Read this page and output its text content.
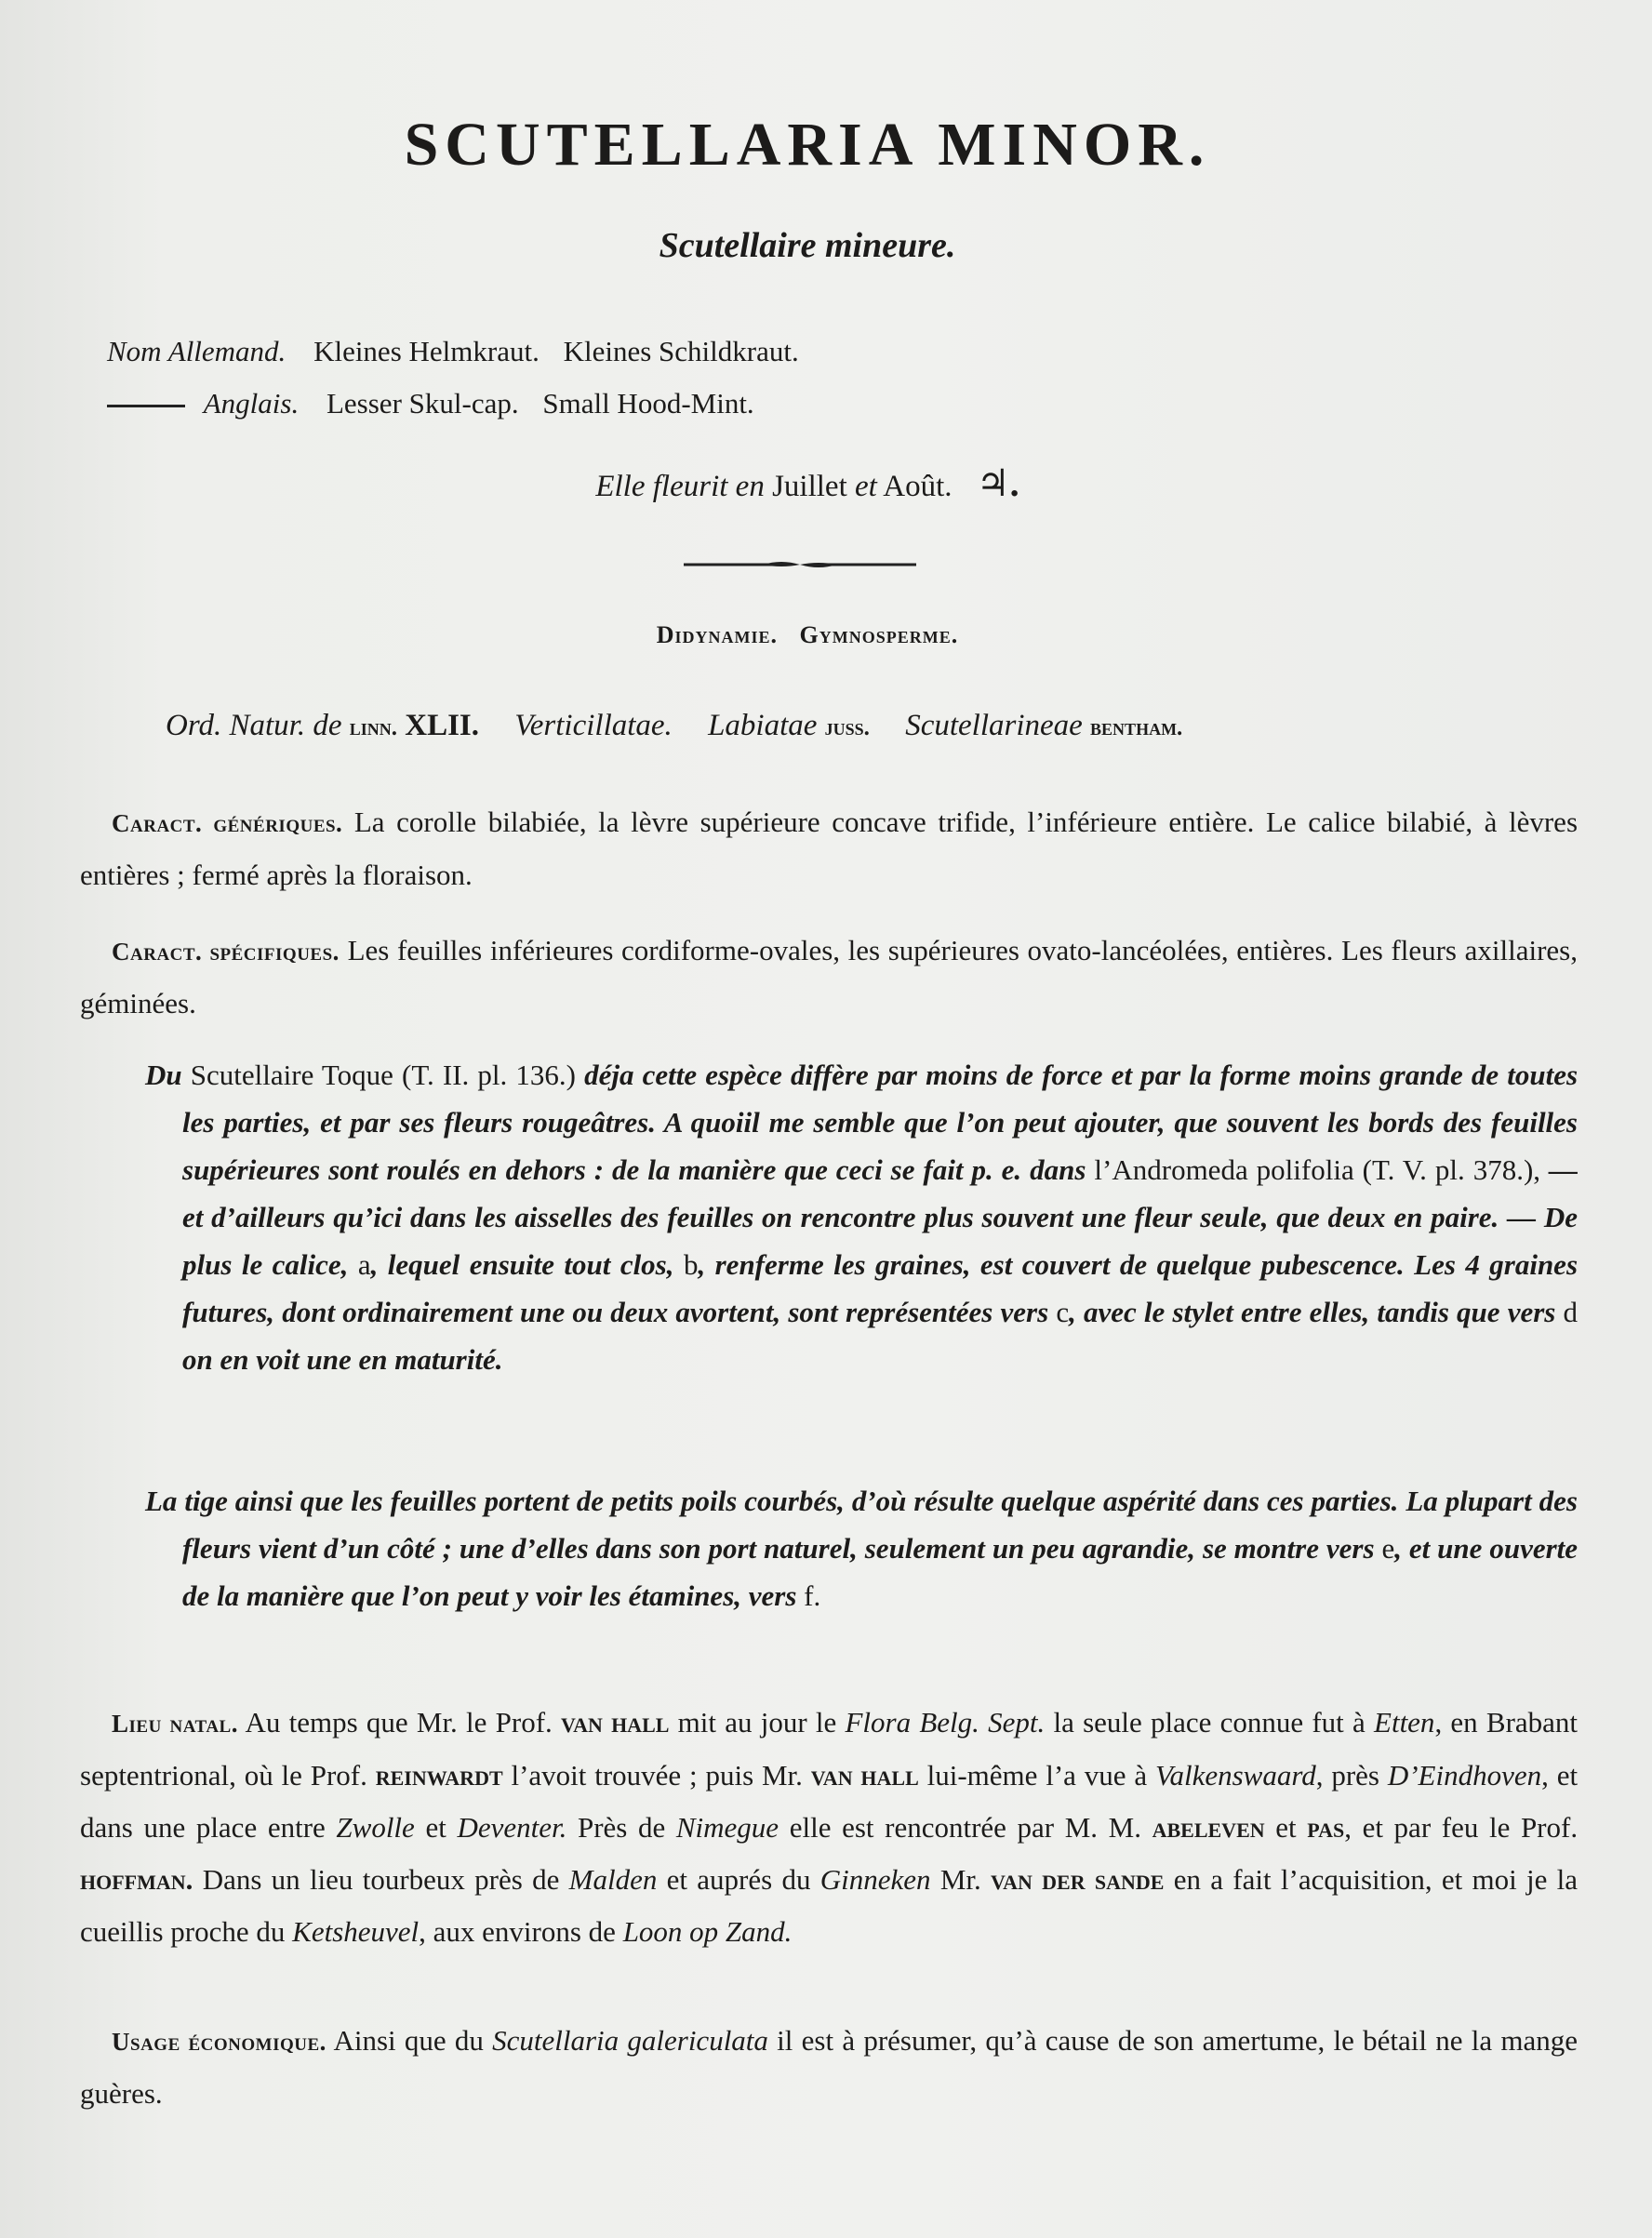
SCUTELLARIA MINOR.
Scutellaire mineure.
Nom Allemand. Kleines Helmkraut. Kleines Schildkraut.
Anglais. Lesser Skul-cap. Small Hood-Mint.
Elle fleurit en Juillet et Août. ♃.
Didynamie. Gymnosperme.
Ord. Natur. de linn. XLII. Verticillatae. Labiatae juss. Scutellarineae bentham.

Caract. génériques. La corolle bilabiée, la lèvre supérieure concave trifide, l’inférieure entière. Le calice bilabié, à lèvres entières ; fermé après la floraison.

Caract. spécifiques. Les feuilles inférieures cordiforme-ovales, les supérieures ovato-lancéolées, entières. Les fleurs axillaires, géminées.

Du Scutellaire Toque (T. II. pl. 136.) déja cette espèce diffère par moins de force et par la forme moins grande de toutes les parties, et par ses fleurs rougeâtres. A quoiil me semble que l’on peut ajouter, que souvent les bords des feuilles supérieures sont roulés en dehors : de la manière que ceci se fait p. e. dans l’Andromeda polifolia (T. V. pl. 378.), — et d’ailleurs qu’ici dans les aisselles des feuilles on rencontre plus souvent une fleur seule, que deux en paire. — De plus le calice, a, lequel ensuite tout clos, b, renferme les graines, est couvert de quelque pubescence. Les 4 graines futures, dont ordinairement une ou deux avortent, sont représentées vers c, avec le stylet entre elles, tandis que vers d on en voit une en maturité.

La tige ainsi que les feuilles portent de petits poils courbés, d’où résulte quelque aspérité dans ces parties. La plupart des fleurs vient d’un côté ; une d’elles dans son port naturel, seulement un peu agrandie, se montre vers e, et une ouverte de la manière que l’on peut y voir les étamines, vers f.

Lieu natal. Au temps que Mr. le Prof. van hall mit au jour le Flora Belg. Sept. la seule place connue fut à Etten, en Brabant septentrional, où le Prof. reinwardt l’avoit trouvée ; puis Mr. van hall lui-même l’a vue à Valkenswaard, près D’Eindhoven, et dans une place entre Zwolle et Deventer. Près de Nimegue elle est rencontrée par M. M. abeleven et pas, et par feu le Prof. hoffman. Dans un lieu tourbeux près de Malden et auprés du Ginneken Mr. van der sande en a fait l’acquisition, et moi je la cueillis proche du Ketsheuvel, aux environs de Loon op Zand.

Usage économique. Ainsi que du Scutellaria galericulata il est à présumer, qu’à cause de son amertume, le bétail ne la mange guères.
